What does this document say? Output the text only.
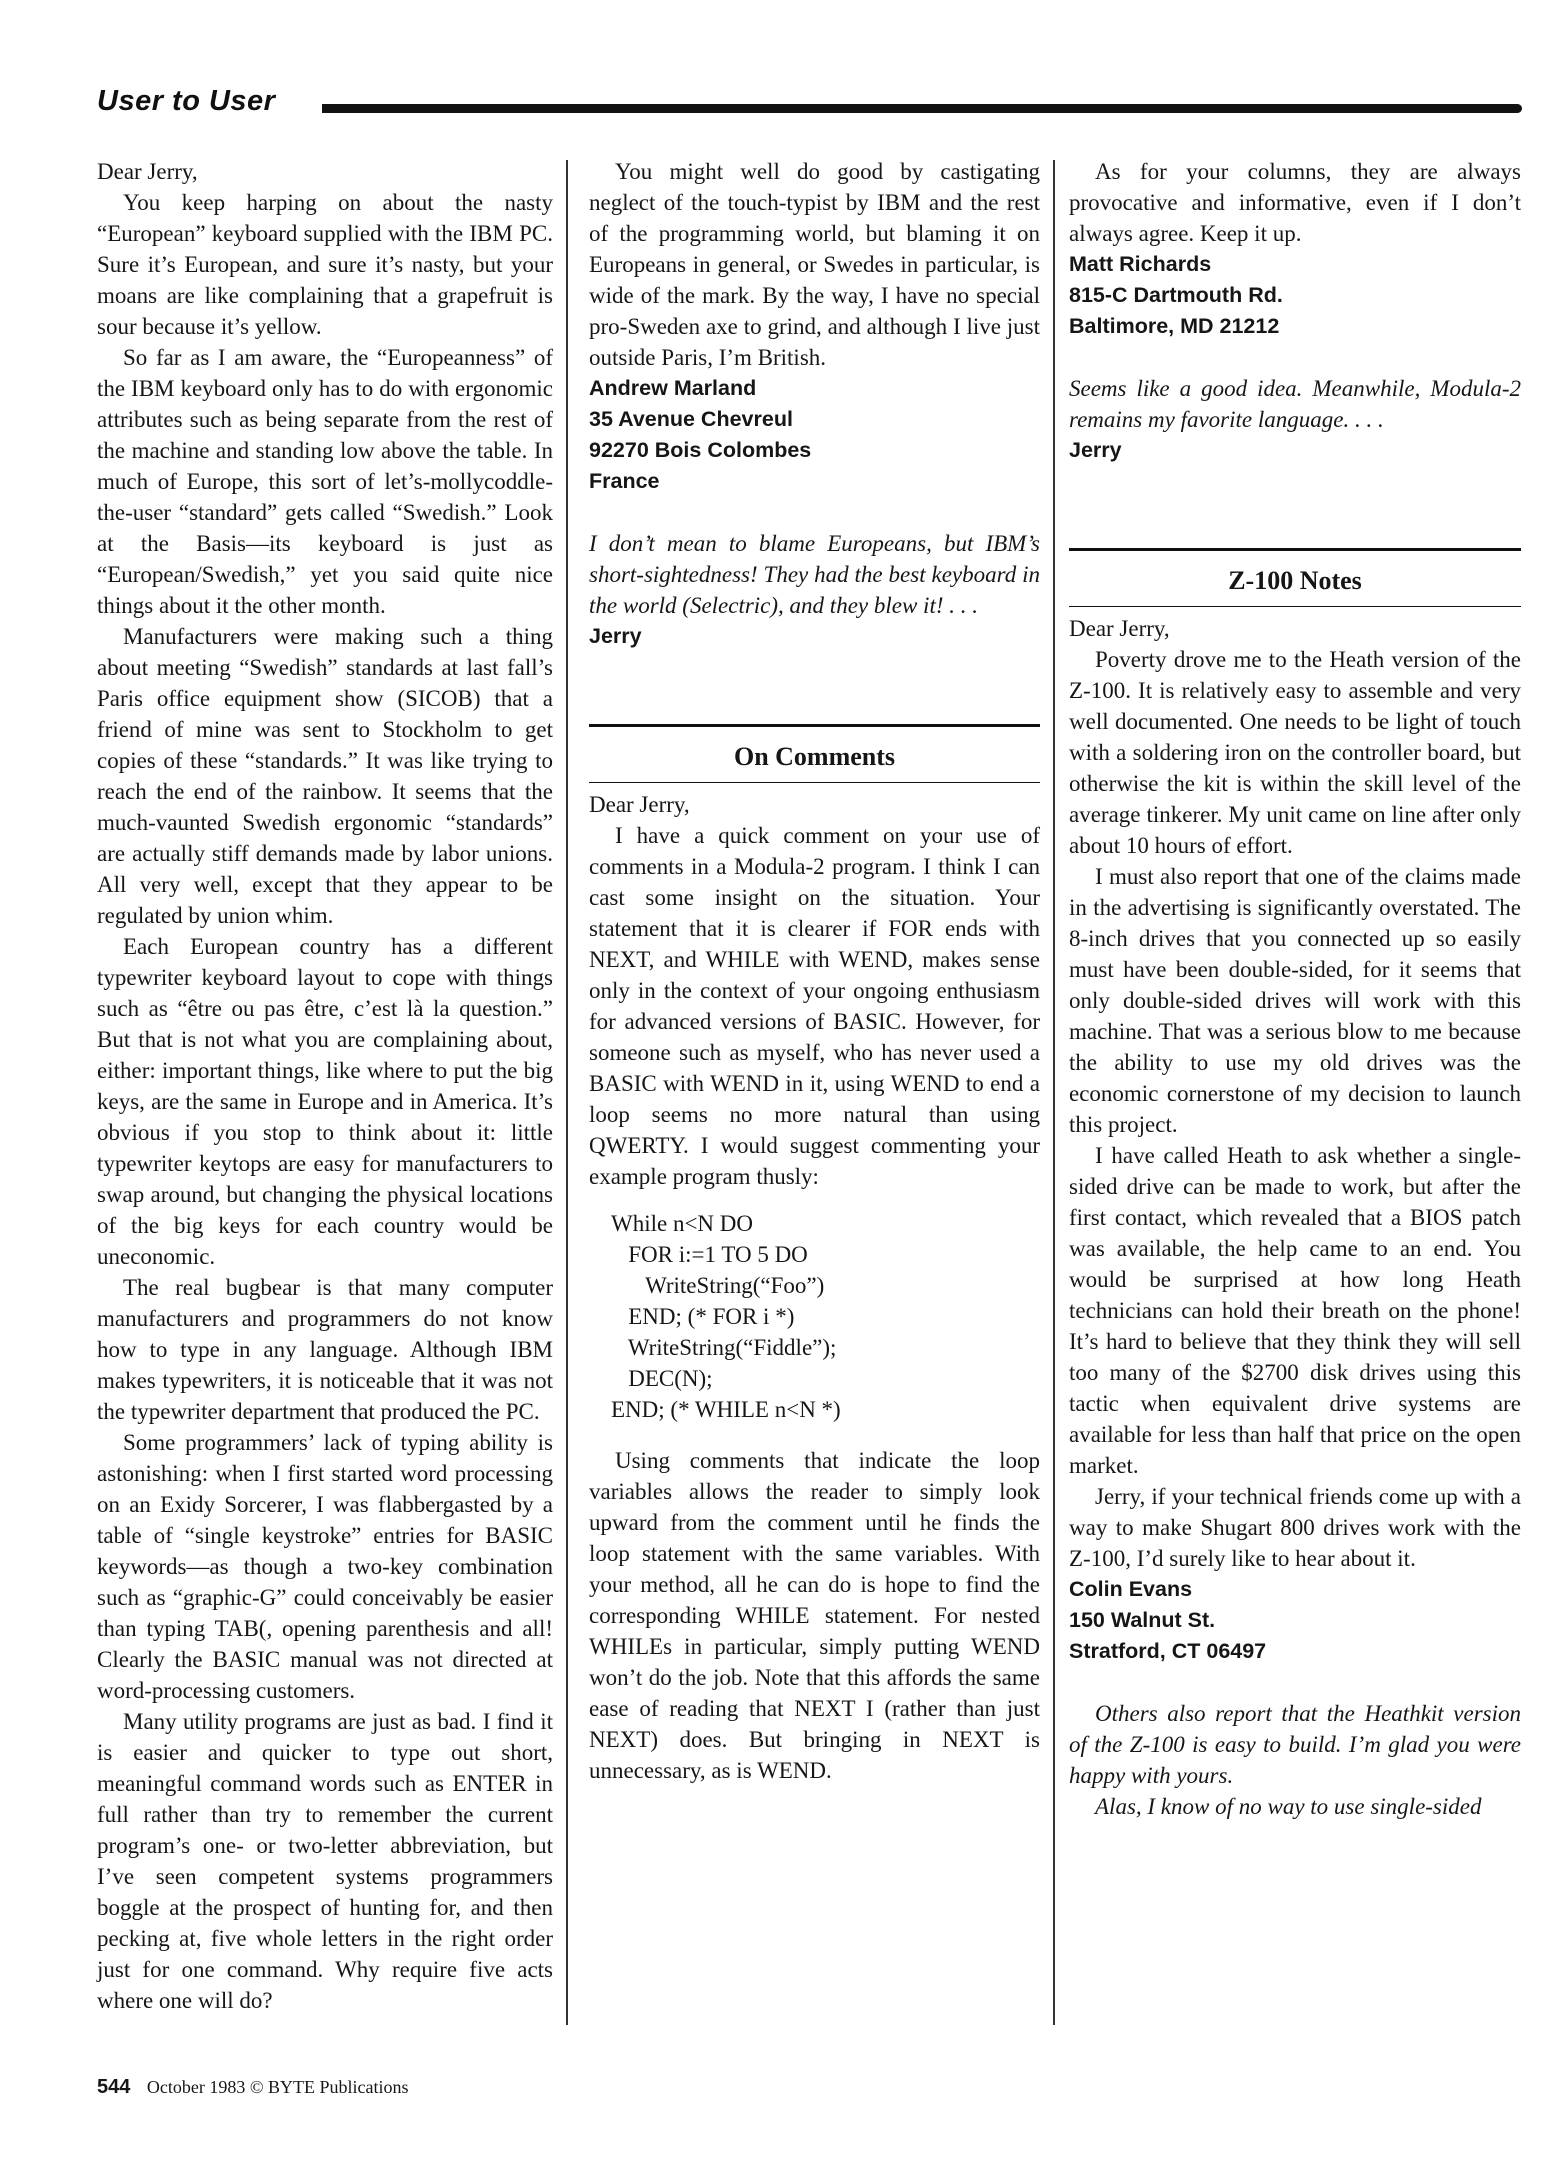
User to User

Dear Jerry,

You keep harping on about the nasty “European” keyboard supplied with the IBM PC. Sure it’s European, and sure it’s nasty, but your moans are like complaining that a grapefruit is sour because it’s yellow.

So far as I am aware, the “Europeanness” of the IBM keyboard only has to do with ergonomic attributes such as being separate from the rest of the machine and standing low above the table. In much of Europe, this sort of let’s-mollycoddle-the-user “standard” gets called “Swedish.” Look at the Basis—its keyboard is just as “European/Swedish,” yet you said quite nice things about it the other month.

Manufacturers were making such a thing about meeting “Swedish” standards at last fall’s Paris office equipment show (SICOB) that a friend of mine was sent to Stockholm to get copies of these “standards.” It was like trying to reach the end of the rainbow. It seems that the much-vaunted Swedish ergonomic “standards” are actually stiff demands made by labor unions. All very well, except that they appear to be regulated by union whim.

Each European country has a different typewriter keyboard layout to cope with things such as “être ou pas être, c’est là la question.” But that is not what you are complaining about, either: important things, like where to put the big keys, are the same in Europe and in America. It’s obvious if you stop to think about it: little typewriter keytops are easy for manufacturers to swap around, but changing the physical locations of the big keys for each country would be uneconomic.

The real bugbear is that many computer manufacturers and programmers do not know how to type in any language. Although IBM makes typewriters, it is noticeable that it was not the typewriter department that produced the PC.

Some programmers’ lack of typing ability is astonishing: when I first started word processing on an Exidy Sorcerer, I was flabbergasted by a table of “single keystroke” entries for BASIC keywords—as though a two-key combination such as “graphic-G” could conceivably be easier than typing TAB(, opening parenthesis and all! Clearly the BASIC manual was not directed at word-processing customers.

Many utility programs are just as bad. I find it is easier and quicker to type out short, meaningful command words such as ENTER in full rather than try to remember the current program’s one- or two-letter abbreviation, but I’ve seen competent systems programmers boggle at the prospect of hunting for, and then pecking at, five whole letters in the right order just for one command. Why require five acts where one will do?

You might well do good by castigating neglect of the touch-typist by IBM and the rest of the programming world, but blaming it on Europeans in general, or Swedes in particular, is wide of the mark. By the way, I have no special pro-Sweden axe to grind, and although I live just outside Paris, I’m British.

Andrew Marland

35 Avenue Chevreul

92270 Bois Colombes

France

I don’t mean to blame Europeans, but IBM’s short-sightedness! They had the best keyboard in the world (Selectric), and they blew it! . . .

Jerry

On Comments

Dear Jerry,

I have a quick comment on your use of comments in a Modula-2 program. I think I can cast some insight on the situation. Your statement that it is clearer if FOR ends with NEXT, and WHILE with WEND, makes sense only in the context of your ongoing enthusiasm for advanced versions of BASIC. However, for someone such as myself, who has never used a BASIC with WEND in it, using WEND to end a loop seems no more natural than using QWERTY. I would suggest commenting your example program thusly:

While n<N DO
FOR i:=1 TO 5 DO
WriteString(“Foo”)
END; (* FOR i *)
WriteString(“Fiddle”);
DEC(N);
END; (* WHILE n<N *)

Using comments that indicate the loop variables allows the reader to simply look upward from the comment until he finds the loop statement with the same variables. With your method, all he can do is hope to find the corresponding WHILE statement. For nested WHILEs in particular, simply putting WEND won’t do the job. Note that this affords the same ease of reading that NEXT I (rather than just NEXT) does. But bringing in NEXT is unnecessary, as is WEND.

As for your columns, they are always provocative and informative, even if I don’t always agree. Keep it up.

Matt Richards

815-C Dartmouth Rd.

Baltimore, MD 21212

Seems like a good idea. Meanwhile, Modula-2 remains my favorite language. . . .

Jerry

Z-100 Notes

Dear Jerry,

Poverty drove me to the Heath version of the Z-100. It is relatively easy to assemble and very well documented. One needs to be light of touch with a soldering iron on the controller board, but otherwise the kit is within the skill level of the average tinkerer. My unit came on line after only about 10 hours of effort.

I must also report that one of the claims made in the advertising is significantly overstated. The 8-inch drives that you connected up so easily must have been double-sided, for it seems that only double-sided drives will work with this machine. That was a serious blow to me because the ability to use my old drives was the economic cornerstone of my decision to launch this project.

I have called Heath to ask whether a single-sided drive can be made to work, but after the first contact, which revealed that a BIOS patch was available, the help came to an end. You would be surprised at how long Heath technicians can hold their breath on the phone! It’s hard to believe that they think they will sell too many of the $2700 disk drives using this tactic when equivalent drive systems are available for less than half that price on the open market.

Jerry, if your technical friends come up with a way to make Shugart 800 drives work with the Z-100, I’d surely like to hear about it.

Colin Evans

150 Walnut St.

Stratford, CT 06497

Others also report that the Heathkit version of the Z-100 is easy to build. I’m glad you were happy with yours.

Alas, I know of no way to use single-sided

544 October 1983 © BYTE Publications
